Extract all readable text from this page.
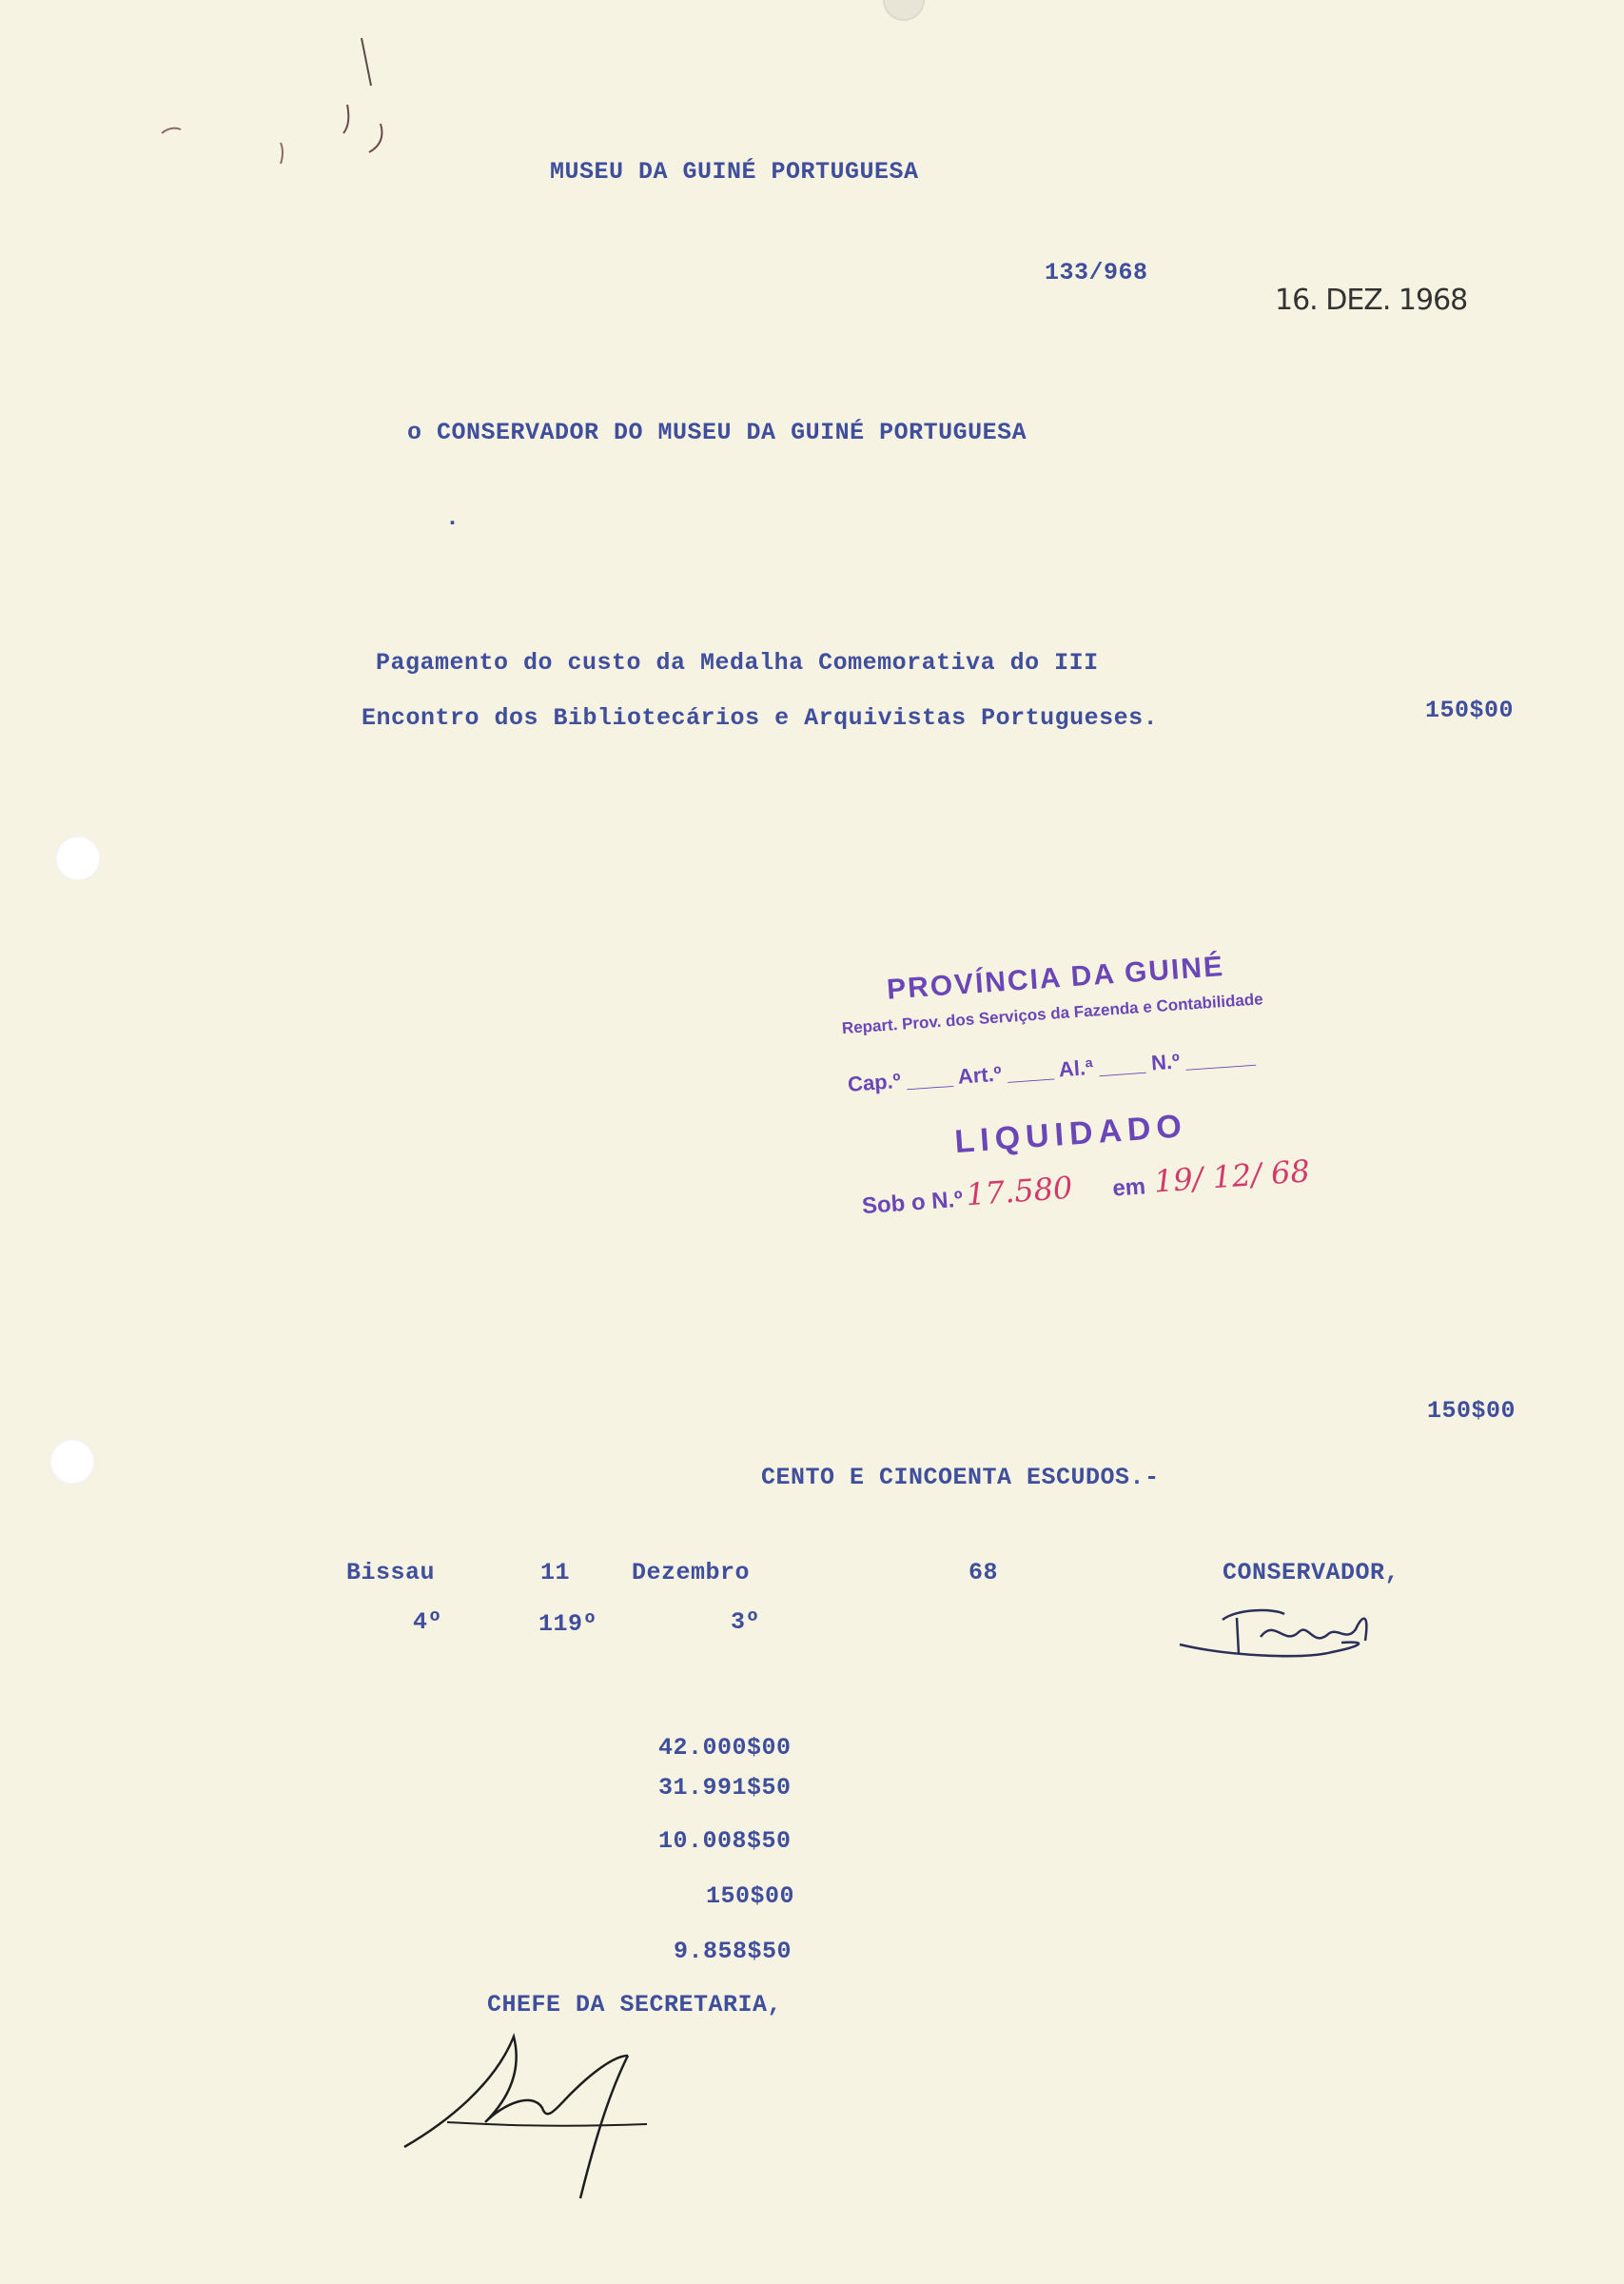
MUSEU DA GUINÉ PORTUGUESA
133/968
16. DEZ. 1968
o CONSERVADOR DO MUSEU DA GUINÉ PORTUGUESA
.
Pagamento do custo da Medalha Comemorativa do III
Encontro dos Bibliotecários e Arquivistas Portugueses.	150$00
PROVÍNCIA DA GUINÉ
Repart. Prov. dos Serviços da Fazenda e Contabilidade
Cap.º ____ Art.º ____ Al.ª ____ N.º ______
LIQUIDADO
Sob o N.º 17.580 em 19/ 12/ 68
150$00
CENTO E CINCOENTA ESCUDOS.-
Bissau	11	Dezembro	68	CONSERVADOR,
4º	119º	3º
42.000$00
31.991$50
10.008$50
150$00
9.858$50
CHEFE DA SECRETARIA,
